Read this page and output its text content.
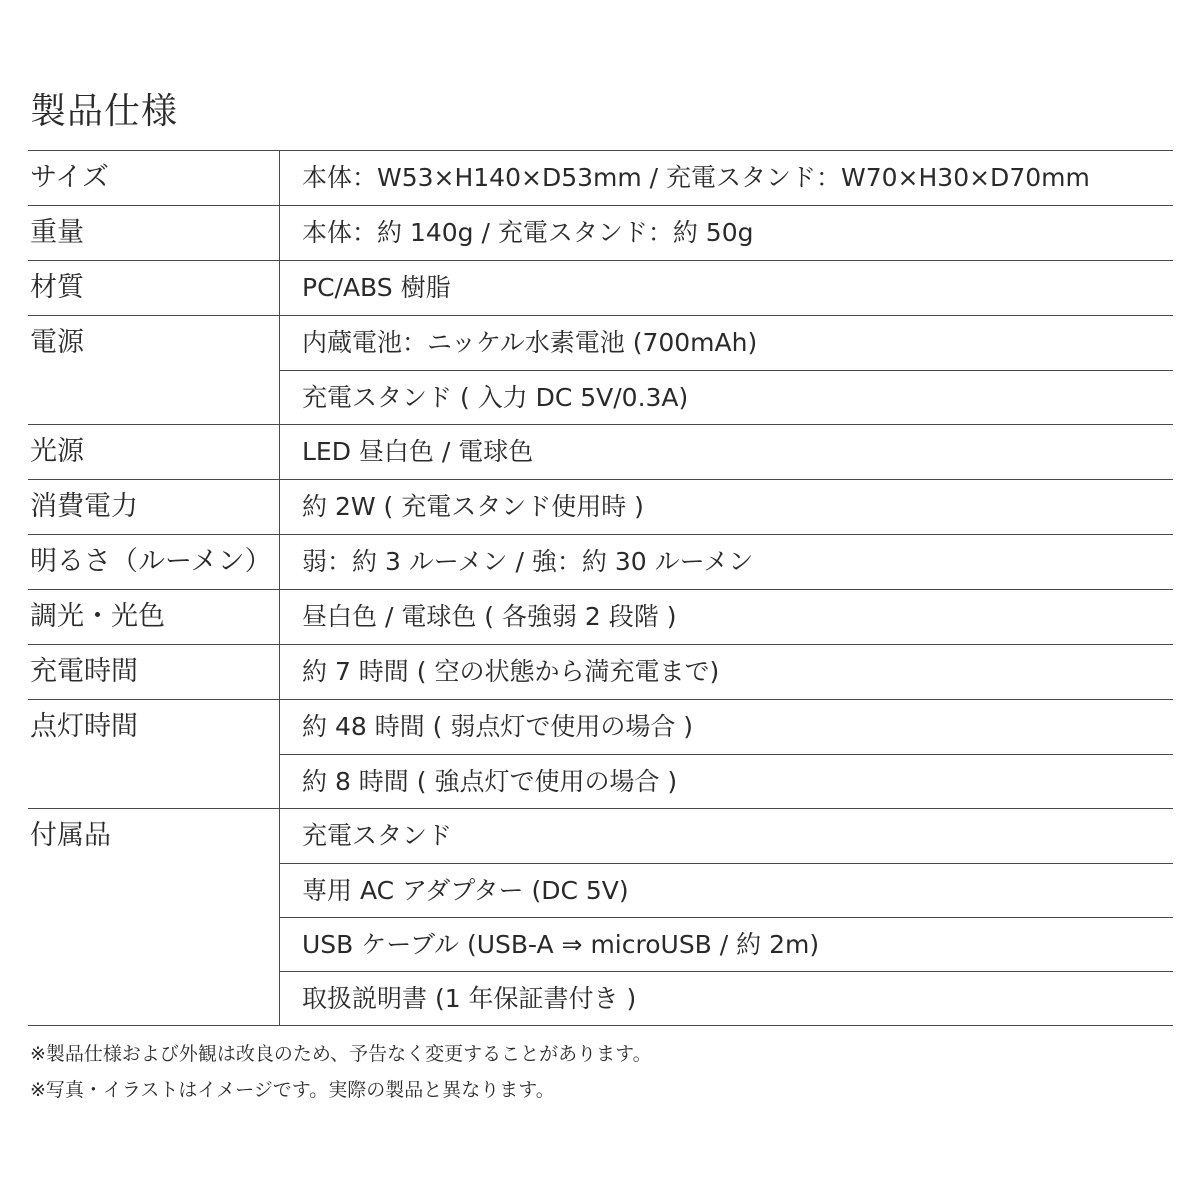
製品仕様
サイズ	本体：W53×H140×D53mm / 充電スタンド：W70×H30×D70mm
重量	本体：約 140g / 充電スタンド：約 50g
材質	PC/ABS 樹脂
電源	内蔵電池：ニッケル水素電池 (700mAh)
充電スタンド ( 入力 DC 5V/0.3A)
光源	LED 昼白色 / 電球色
消費電力	約 2W ( 充電スタンド使用時 )
明るさ（ルーメン）	弱：約 3 ルーメン / 強：約 30 ルーメン
調光・光色	昼白色 / 電球色 ( 各強弱 2 段階 )
充電時間	約 7 時間 ( 空の状態から満充電まで)
点灯時間	約 48 時間 ( 弱点灯で使用の場合 )
約 8 時間 ( 強点灯で使用の場合 )
付属品	充電スタンド
専用 AC アダプター (DC 5V)
USB ケーブル (USB-A ⇒ microUSB / 約 2m)
取扱説明書 (1 年保証書付き )
※製品仕様および外観は改良のため、予告なく変更することがあります。
※写真・イラストはイメージです。実際の製品と異なります。
